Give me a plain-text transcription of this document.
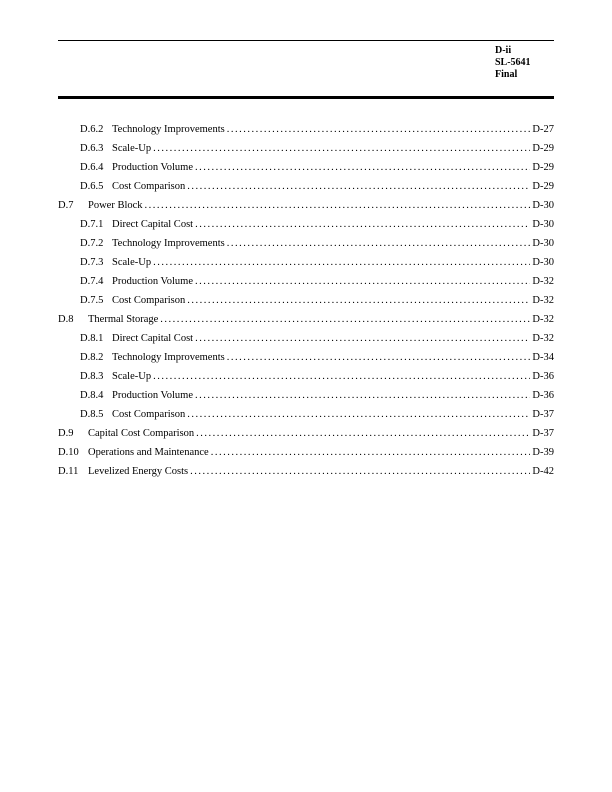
D-ii
SL-5641
Final
D.6.2 Technology Improvements .....	D-27
D.6.3 Scale-Up .....	D-29
D.6.4 Production Volume .....	D-29
D.6.5 Cost Comparison .....	D-29
D.7	Power Block .....	D-30
D.7.1 Direct Capital Cost .....	D-30
D.7.2 Technology Improvements .....	D-30
D.7.3 Scale-Up .....	D-30
D.7.4 Production Volume .....	D-32
D.7.5 Cost Comparison .....	D-32
D.8	Thermal Storage .....	D-32
D.8.1 Direct Capital Cost .....	D-32
D.8.2 Technology Improvements .....	D-34
D.8.3 Scale-Up .....	D-36
D.8.4 Production Volume .....	D-36
D.8.5 Cost Comparison .....	D-37
D.9	Capital Cost Comparison .....	D-37
D.10 Operations and Maintenance .....	D-39
D.11 Levelized Energy Costs .....	D-42
